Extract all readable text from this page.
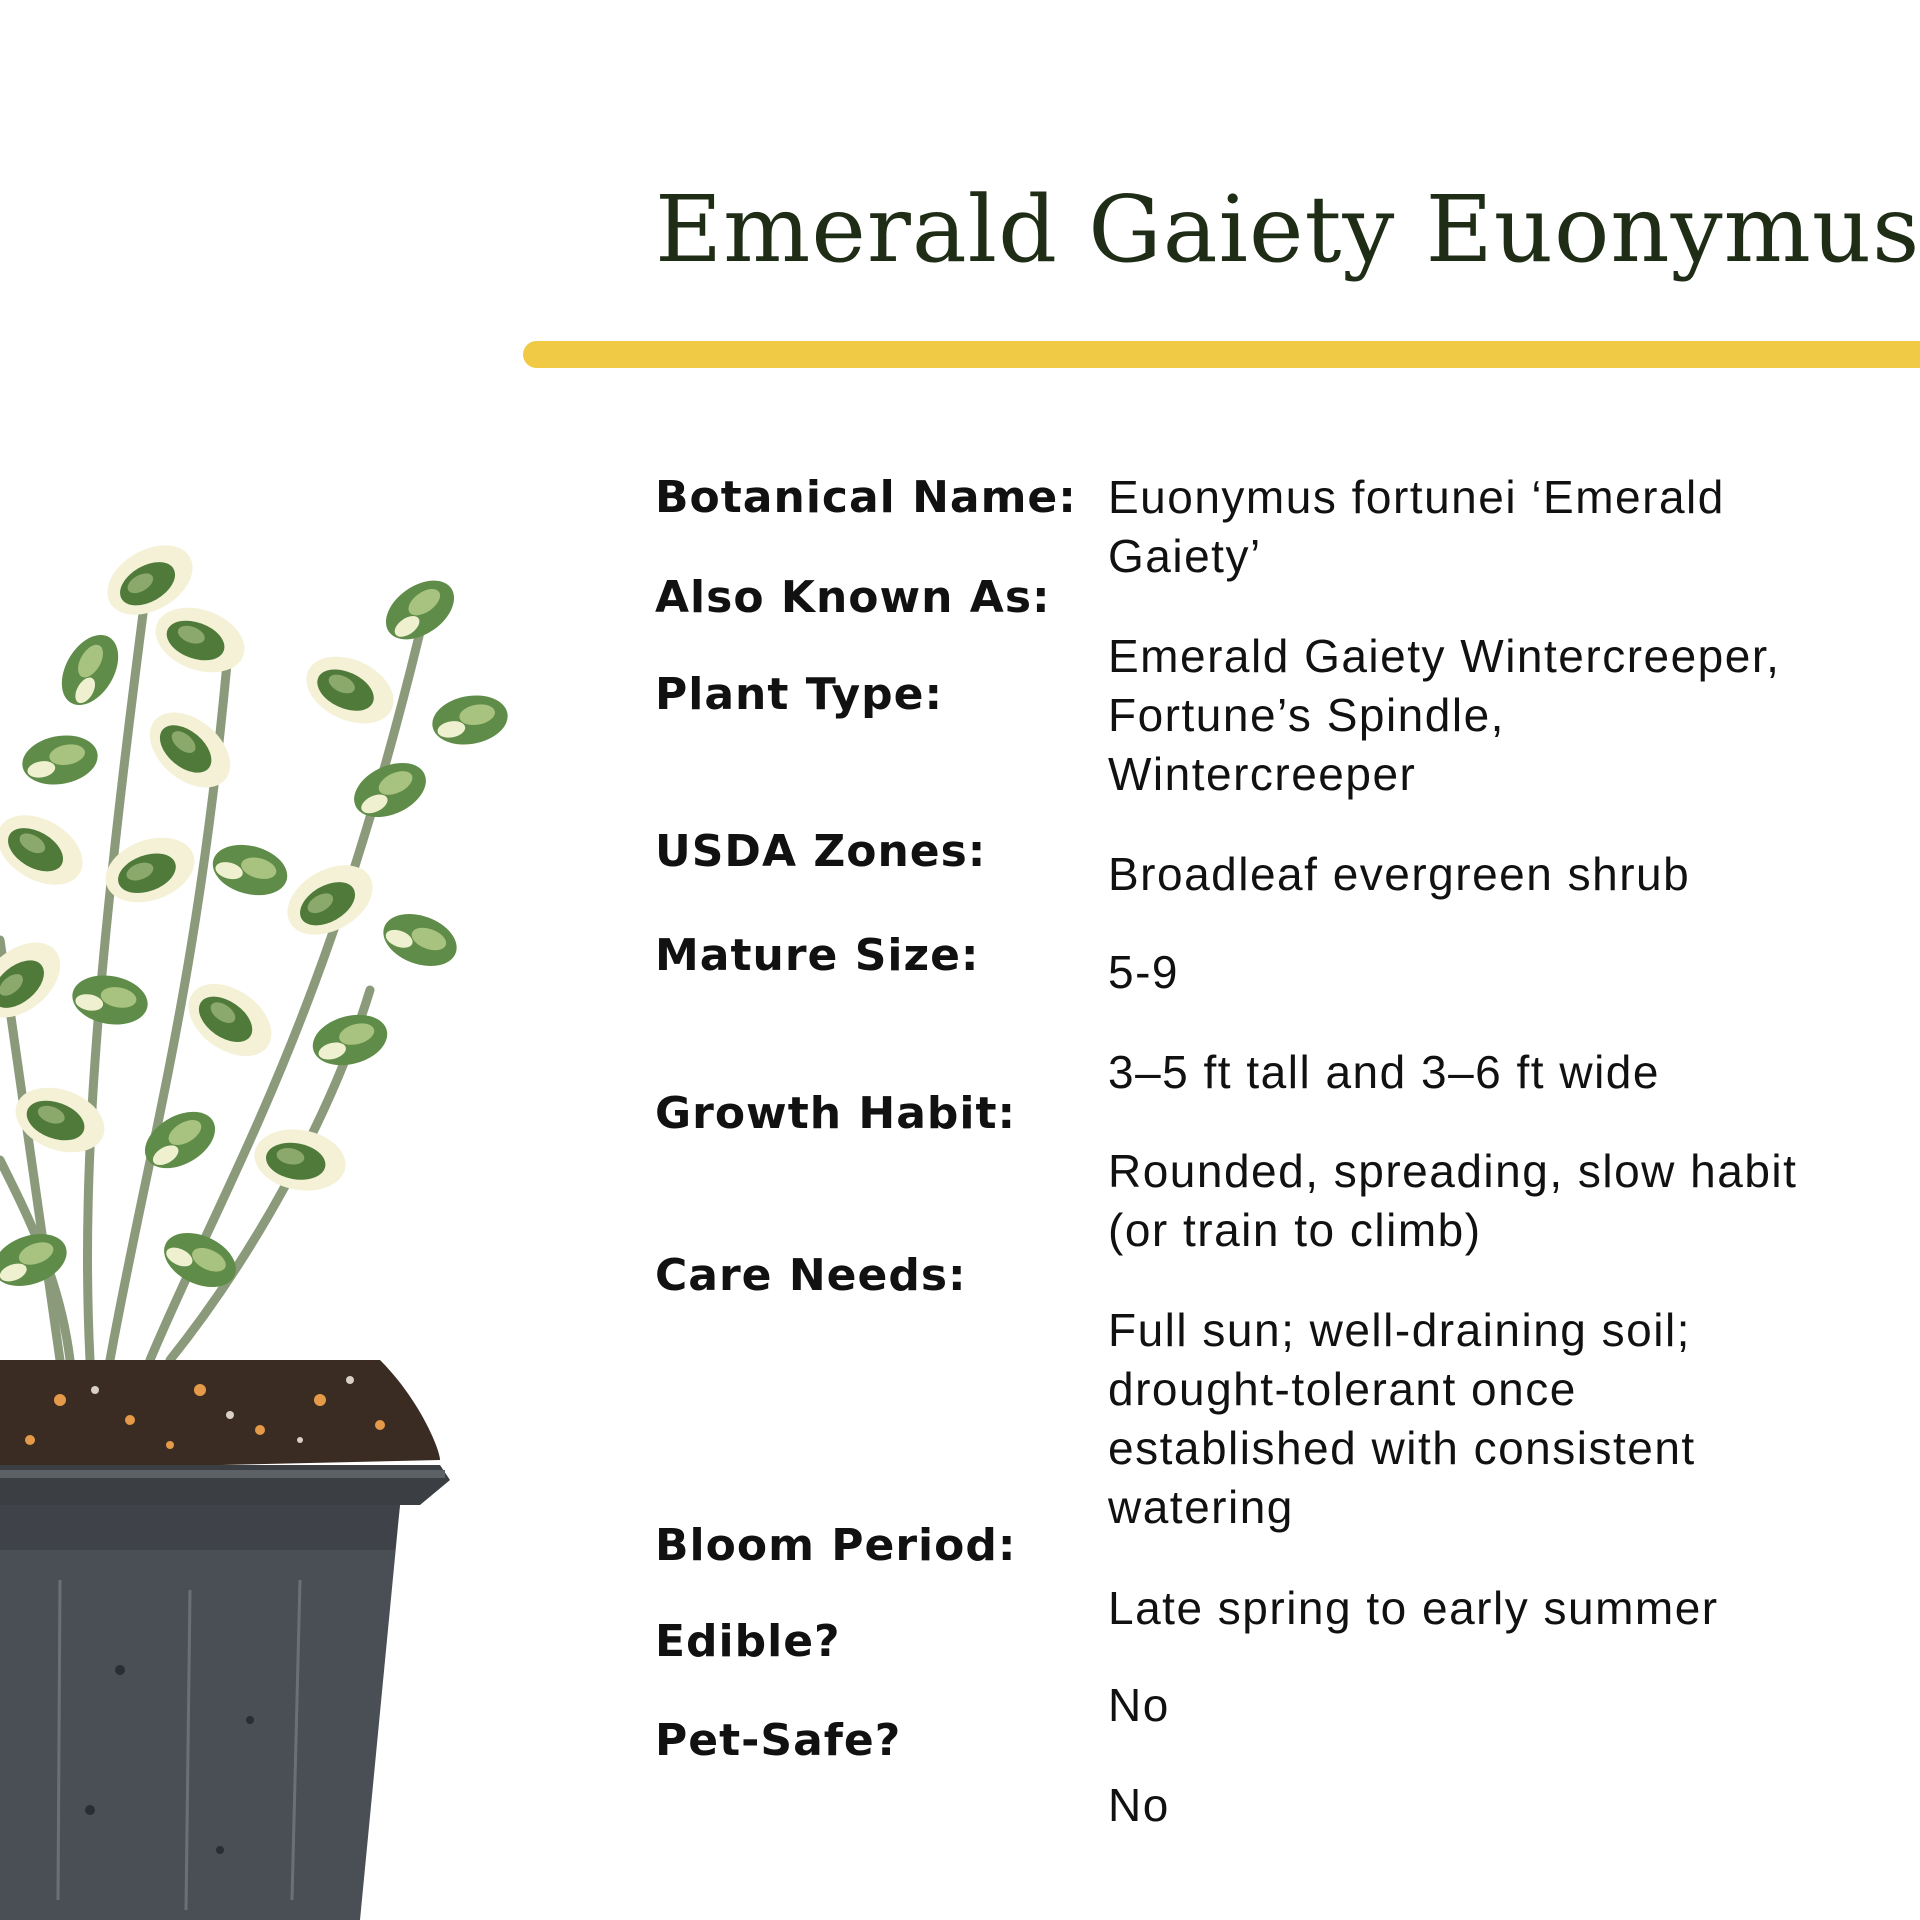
Emerald Gaiety Euonymus
Botanical Name: Euonymus fortunei ‘Emerald Gaiety’
Also Known As:
Emerald Gaiety Wintercreeper, Fortune’s Spindle, Wintercreeper
Plant Type:
Broadleaf evergreen shrub
USDA Zones:
5-9
Mature Size:
3–5 ft tall and 3–6 ft wide
Growth Habit:
Rounded, spreading, slow habit (or train to climb)
Care Needs:
Full sun; well-draining soil; drought-tolerant once established with consistent watering
Bloom Period:
Late spring to early summer
Edible?
No
Pet-Safe?
No
